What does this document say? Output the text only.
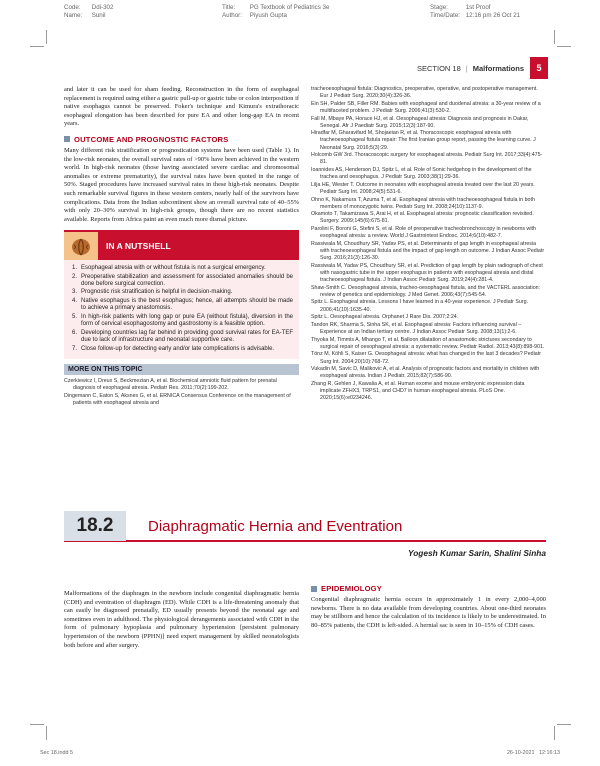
Code: Ddi-302
Name: Sunil
Title: PG Textbook of Pediatrics 3e
Author: Piyush Gupta
Stage:	1st Proof
Time/Date: 12:16 pm 26 Oct 21
SECTION 18 | Malformations	5

and later it can be used for sham feeding. Reconstruction in the form of esophageal replacement is required using either a gastric pull-up or gastric tube or colon interposition if native esophagus cannot be preserved. Foker's technique and Kimura's extrathoracic esophageal elongation has been described for pure EA and other long-gap EA in recent years.

OUTCOME AND PROGNOSTIC FACTORS

Many different risk stratification or prognostication systems have been used (Table 1). In the low-risk neonates, the overall survival rates of >90% have been achieved in the western world. In high-risk neonates (those having associated severe cardiac and chromosomal anomalies or extreme prematurity), the survival rates have been quoted in the range of 50%. Staged procedures have increased survival rates in these high-risk neonates. Despite such remarkable survival figures in these western centers, nearly half of the survivors have complications. Data from the Indian subcontinent show an overall survival rate of 40–55% with only 20–30% survival in high-risk groups, though there are no recent statistics available. Reports from Africa paint an even much more dismal picture.

IN A NUTSHELL
1. Esophageal atresia with or without fistula is not a surgical emergency.
2. Preoperative stabilization and assessment for associated anomalies should be done before surgical correction.
3. Prognostic risk stratification is helpful in decision-making.
4. Native esophagus is the best esophagus; hence, all attempts should be made to achieve a primary anastomosis.
5. In high-risk patients with long gap or pure EA (without fistula), diversion in the form of cervical esophagostomy and gastrostomy is a feasible option.
6. Developing countries lag far behind in providing good survival rates for EA-TEF due to lack of infrastructure and neonatal supportive care.
7. Close follow-up for detecting early and/or late complications is advisable.
MORE ON THIS TOPIC
Czerkiewicz I, Dreux S, Beckmezian A, et al. Biochemical amniotic fluid pattern for prenatal diagnosis of esophageal atresia. Pediatr Res. 2011;70(2):199-202.
Dingemann C, Eaton S, Aksnes G, et al. ERNICA Consensus Conference on the management of patients with esophageal atresia and
tracheoesophageal fistula: Diagnostics, preoperative, operative, and postoperative management. Eur J Pediatr Surg. 2020;30(4):326-36.
Ein SH, Palder SB, Filler RM. Babies with esophageal and duodenal atresia: a 30-year review of a multifaceted problem. J Pediatr Surg. 2006;41(3):530-2.
Fall M, Mbaye PA, Horace HJ, et al. Oesophageal atresia: Diagnosis and prognosis in Dakar, Senegal. Afr J Paediatr Surg. 2015;12(3):187-90.
Hiradfar M, Gharavifard M, Shojaeian R, et al. Thoracoscopic esophageal atresia with tracheoesophageal fistula repair: The first Iranian group report, passing the learning curve. J Neonatal Surg. 2016;5(3):29.
Holcomb GW 3rd. Thoracoscopic surgery for esophageal atresia. Pediatr Surg Int. 2017;33(4):475-81.
Ioannides AS, Henderson DJ, Spitz L, et al. Role of Sonic hedgehog in the development of the trachea and oesophagus. J Pediatr Surg. 2003;38(1):29-36.
Lilja HE, Wester T. Outcome in neonates with esophageal atresia treated over the last 20 years. Pediatr Surg Int. 2008;24(5):531-6.
Ohno K, Nakamura T, Azuma T, et al. Esophageal atresia with tracheoesophageal fistula in both members of monozygotic twins. Pediatr Surg Int. 2008;24(10):1137-9.
Okamoto T, Takamizawa S, Arai H, et al. Esophageal atresia: prognostic classification revisited. Surgery. 2009;145(6):675-81.
Parolini F, Boroni G, Stefini S, et al. Role of preoperative tracheobronchoscopy in newborns with esophageal atresia: a review. World J Gastrointest Endosc. 2014;6(10):482-7.
Rassiwala M, Choudhury SR, Yadav PS, et al. Determinants of gap length in esophageal atresia with tracheoesophageal fistula and the impact of gap length on outcome. J Indian Assoc Pediatr Surg. 2016;21(3):126-30.
Rassiwala M, Yadav PS, Choudhury SR, et al. Prediction of gap length by plain radiograph of chest with nasogastric tube in the upper esophagus in patients with esophageal atresia and distal tracheoesophageal fistula. J Indian Assoc Pediatr Surg. 2019;24(4):281-4.
Shaw-Smith C. Oesophageal atresia, tracheo-oesophageal fistula, and the VACTERL association: review of genetics and epidemiology. J Med Genet. 2006;43(7):545-54.
Spitz L. Esophageal atresia. Lessons I have learned in a 40-year experience. J Pediatr Surg. 2006;41(10):1635-40.
Spitz L. Oesophageal atresia. Orphanet J Rare Dis. 2007;2:24.
Tandon RK, Sharma S, Sinha SK, et al. Esophageal atresia: Factors influencing survival – Experience at an Indian tertiary centre. J Indian Assoc Pediatr Surg. 2008;13(1):2-6.
Thyoka M, Timmis A, Mhango T, et al. Balloon dilatation of anastomotic strictures secondary to surgical repair of oesophageal atresia: a systematic review. Pediatr Radiol. 2013;43(8):898-901.
Tönz M, Köhli S, Kaiser G. Oesophageal atresia: what has changed in the last 3 decades? Pediatr Surg Int. 2004;20(10):768-72.
Vukadin M, Savic D, Malikovic A, et al. Analysis of prognostic factors and mortality in children with esophageal atresia. Indian J Pediatr. 2015;82(7):586-90.
Zhang R, Gehlen J, Kawalia A, et al. Human exome and mouse embryonic expression data implicate ZFHX3, TRPS1, and CHD7 in human esophageal atresia. PLoS One. 2020;15(6):e0234246.
18.2	Diaphragmatic Hernia and Eventration
Yogesh Kumar Sarin, Shalini Sinha

Malformations of the diaphragm in the newborn include congenital diaphragmatic hernia (CDH) and eventration of diaphragm (ED). While CDH is a life-threatening anomaly that can easily be diagnosed prenatally, ED usually presents beyond the neonatal age and sometimes even in adulthood. The physiological derangements associated with CDH in the form of pulmonary hypoplasia and pulmonary hypertension [persistent pulmonary hypertension of the newborn (PPHN)] need expert management by skilled neonatologists both before and after surgery.

EPIDEMIOLOGY

Congenital diaphragmatic hernia occurs in approximately 1 in every 2,000–4,000 newborns. There is no data available from developing countries. About one-third neonates may be stillborn and hence the calculation of its incidence is likely to be underestimated. In 80–85% patients, the CDH is left-sided. A hernial sac is seen in 10–15% of CDH cases.

Sec 18.indd 5	26-10-2021 12:16:13
